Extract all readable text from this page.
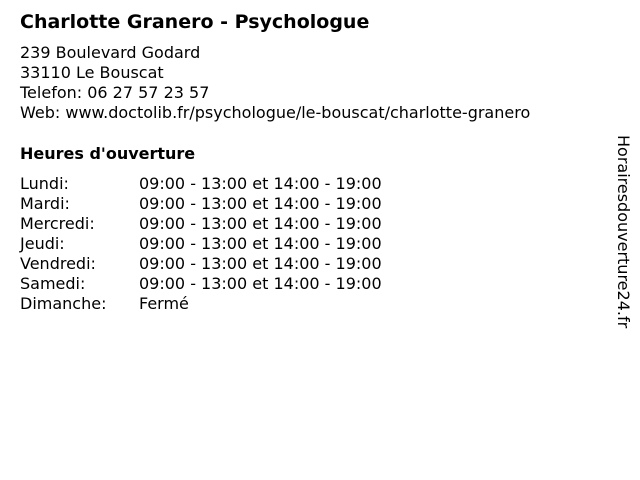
Charlotte Granero - Psychologue
239 Boulevard Godard
33110 Le Bouscat
Telefon: 06 27 57 23 57
Web: www.doctolib.fr/psychologue/le-bouscat/charlotte-granero
Heures d'ouverture
Lundi:	09:00 - 13:00 et 14:00 - 19:00
Mardi:	09:00 - 13:00 et 14:00 - 19:00
Mercredi:	09:00 - 13:00 et 14:00 - 19:00
Jeudi:	09:00 - 13:00 et 14:00 - 19:00
Vendredi:	09:00 - 13:00 et 14:00 - 19:00
Samedi:	09:00 - 13:00 et 14:00 - 19:00
Dimanche: Fermé	Horairesdouverture24.fr
